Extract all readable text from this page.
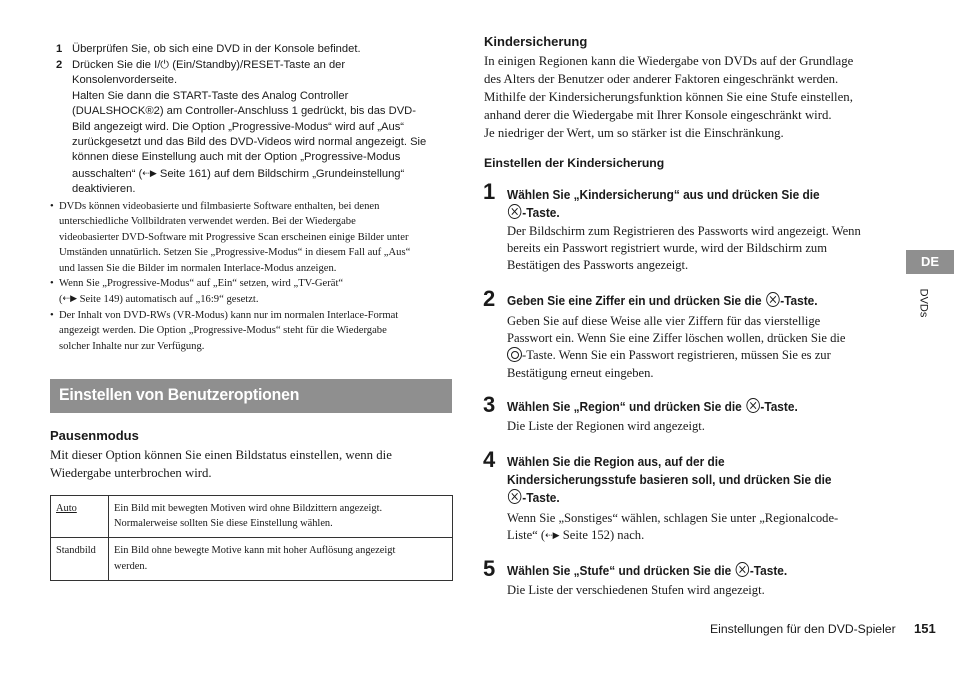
1 Überprüfen Sie, ob sich eine DVD in der Konsole befindet.
2 Drücken Sie die I/⏻ (Ein/Standby)/RESET-Taste an der
Konsolenvorderseite.
Halten Sie dann die START-Taste des Analog Controller
(DUALSHOCK®2) am Controller-Anschluss 1 gedrückt, bis das DVD-
Bild angezeigt wird. Die Option „Progressive-Modus“ wird auf „Aus“
zurückgesetzt und das Bild des DVD-Videos wird normal angezeigt. Sie
können diese Einstellung auch mit der Option „Progressive-Modus
ausschalten“ (⇠▶ Seite 161) auf dem Bildschirm „Grundeinstellung“
deaktivieren.
• DVDs können videobasierte und filmbasierte Software enthalten, bei denen
unterschiedliche Vollbildraten verwendet werden. Bei der Wiedergabe
videobasierter DVD-Software mit Progressive Scan erscheinen einige Bilder unter
Umständen unnatürlich. Setzen Sie „Progressive-Modus“ in diesem Fall auf „Aus“
und lassen Sie die Bilder im normalen Interlace-Modus anzeigen.
• Wenn Sie „Progressive-Modus“ auf „Ein“ setzen, wird „TV-Gerät“
(⇠▶ Seite 149) automatisch auf „16:9“ gesetzt.
• Der Inhalt von DVD-RWs (VR-Modus) kann nur im normalen Interlace-Format
angezeigt werden. Die Option „Progressive-Modus“ steht für die Wiedergabe
solcher Inhalte nur zur Verfügung.
Einstellen von Benutzeroptionen
Pausenmodus
Mit dieser Option können Sie einen Bildstatus einstellen, wenn die
Wiedergabe unterbrochen wird.
Auto	Ein Bild mit bewegten Motiven wird ohne Bildzittern angezeigt.
Normalerweise sollten Sie diese Einstellung wählen.

Standbild	Ein Bild ohne bewegte Motive kann mit hoher Auflösung angezeigt
werden.
Kindersicherung
In einigen Regionen kann die Wiedergabe von DVDs auf der Grundlage
des Alters der Benutzer oder anderer Faktoren eingeschränkt werden.
Mithilfe der Kindersicherungsfunktion können Sie eine Stufe einstellen,
anhand derer die Wiedergabe mit Ihrer Konsole eingeschränkt wird.
Je niedriger der Wert, um so stärker ist die Einschränkung.
Einstellen der Kindersicherung
1 Wählen Sie „Kindersicherung“ aus und drücken Sie die
-Taste.
Der Bildschirm zum Registrieren des Passworts wird angezeigt. Wenn
bereits ein Passwort registriert wurde, wird der Bildschirm zum
Bestätigen des Passworts angezeigt.
2 Geben Sie eine Ziffer ein und drücken Sie die -Taste.
Geben Sie auf diese Weise alle vier Ziffern für das vierstellige
Passwort ein. Wenn Sie eine Ziffer löschen wollen, drücken Sie die
-Taste. Wenn Sie ein Passwort registrieren, müssen Sie es zur
Bestätigung erneut eingeben.
3 Wählen Sie „Region“ und drücken Sie die -Taste.
Die Liste der Regionen wird angezeigt.
4 Wählen Sie die Region aus, auf der die
Kindersicherungsstufe basieren soll, und drücken Sie die
-Taste.
Wenn Sie „Sonstiges“ wählen, schlagen Sie unter „Regionalcode-
Liste“ (⇠▶ Seite 152) nach.
5 Wählen Sie „Stufe“ und drücken Sie die -Taste.
Die Liste der verschiedenen Stufen wird angezeigt.
DE
DVDs
Einstellungen für den DVD-Spieler 151
